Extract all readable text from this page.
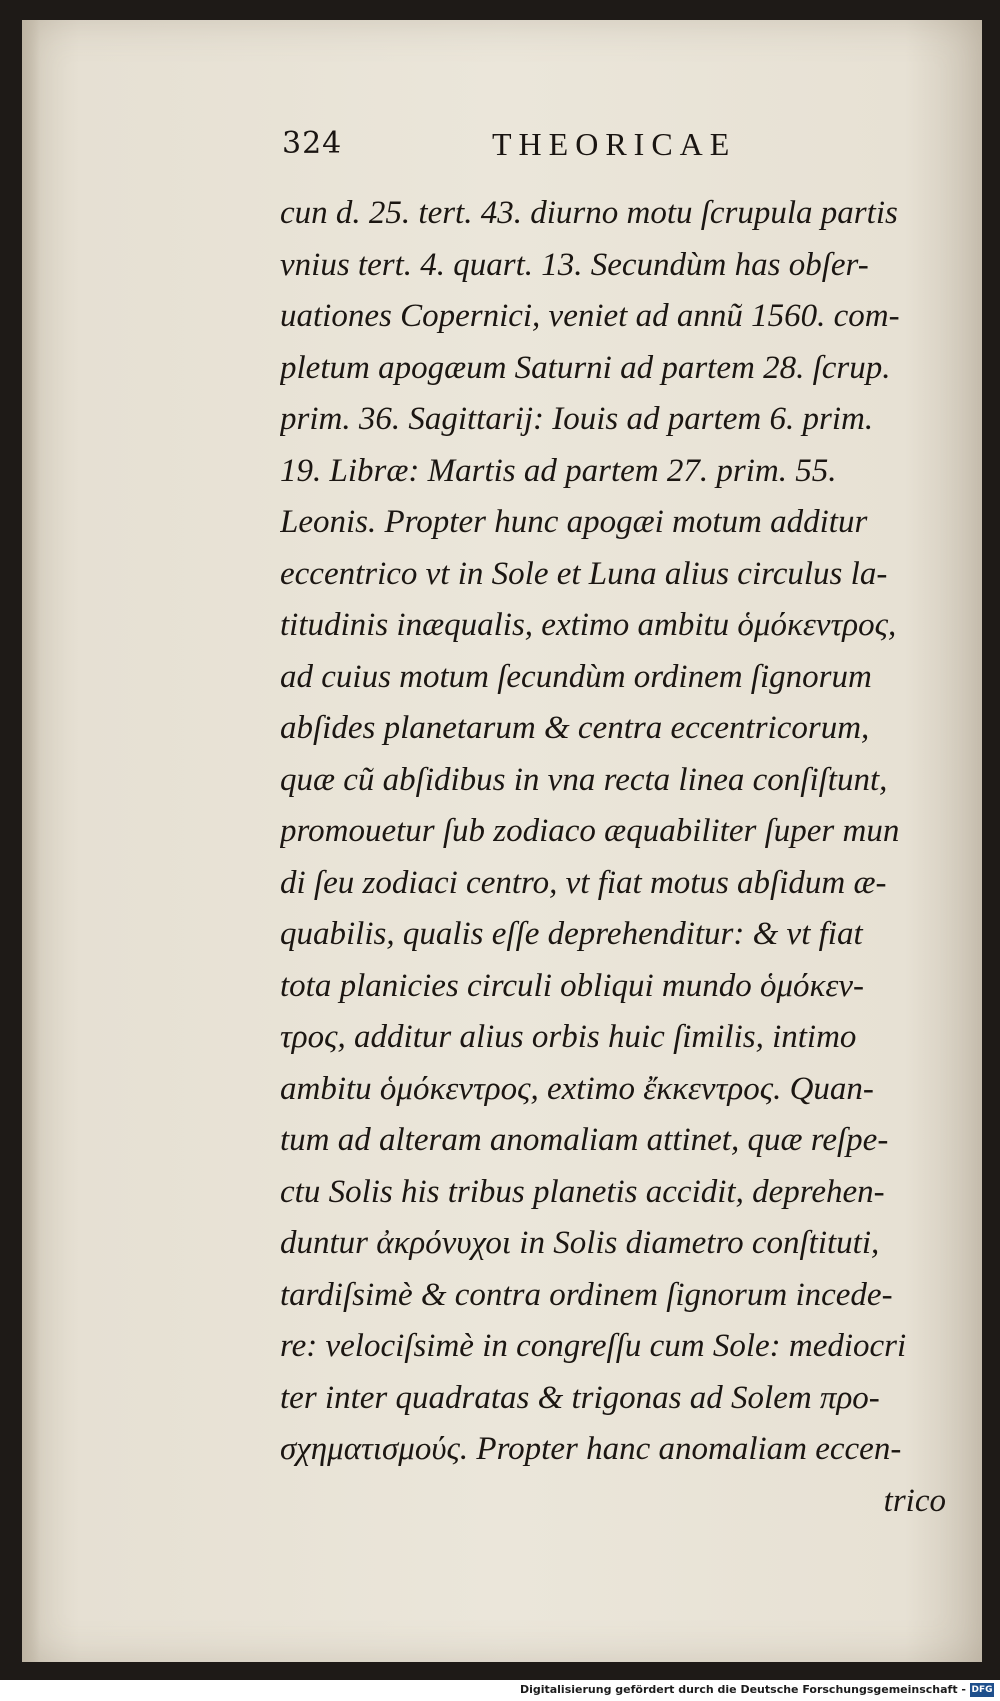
324	THEORICAE
cun d. 25. tert. 43. diurno motu ſcrupula partis
vnius tert. 4. quart. 13. Secundùm has obſer-
uationes Copernici, veniet ad annũ 1560. com-
pletum apogæum Saturni ad partem 28. ſcrup.
prim. 36. Sagittarij: Iouis ad partem 6. prim.
19. Libræ: Martis ad partem 27. prim. 55.
Leonis. Propter hunc apogæi motum additur
eccentrico vt in Sole et Luna alius circulus la-
titudinis inæqualis, extimo ambitu ὁμόκεντρος,
ad cuius motum ſecundùm ordinem ſignorum
abſides planetarum & centra eccentricorum,
quæ cũ abſidibus in vna recta linea conſiſtunt,
promouetur ſub zodiaco æquabiliter ſuper mun
di ſeu zodiaci centro, vt fiat motus abſidum æ-
quabilis, qualis eſſe deprehenditur: & vt fiat
tota planicies circuli obliqui mundo ὁμόκεν-
τρος, additur alius orbis huic ſimilis, intimo
ambitu ὁμόκεντρος, extimo ἔκκεντρος. Quan-
tum ad alteram anomaliam attinet, quæ reſpe-
ctu Solis his tribus planetis accidit, deprehen-
duntur ἀκρόνυχοι in Solis diametro conſtituti,
tardiſsimè & contra ordinem ſignorum incede-
re: velociſsimè in congreſſu cum Sole: mediocri
ter inter quadratas & trigonas ad Solem προ-
σχηματισμούς. Propter hanc anomaliam eccen-
trico
Digitalisierung gefördert durch die Deutsche Forschungsgemeinschaft - DFG
